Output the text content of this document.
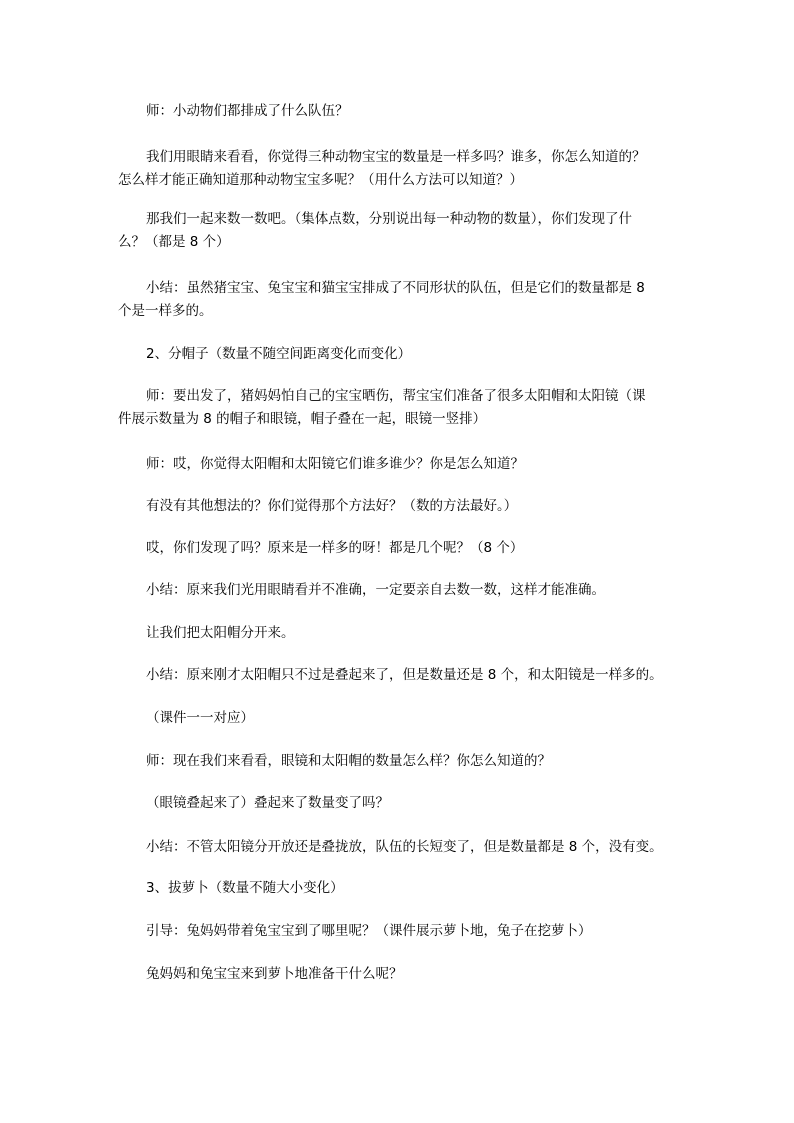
师：小动物们都排成了什么队伍？

我们用眼睛来看看，你觉得三种动物宝宝的数量是一样多吗？谁多，你怎么知道的？
怎么样才能正确知道那种动物宝宝多呢？（用什么方法可以知道？）

那我们一起来数一数吧。（集体点数，分别说出每一种动物的数量），你们发现了什
么？（都是 8 个）

小结：虽然猪宝宝、兔宝宝和猫宝宝排成了不同形状的队伍，但是它们的数量都是 8
个是一样多的。

2、分帽子（数量不随空间距离变化而变化）

师：要出发了，猪妈妈怕自己的宝宝晒伤，帮宝宝们准备了很多太阳帽和太阳镜（课
件展示数量为 8 的帽子和眼镜，帽子叠在一起，眼镜一竖排）

师：哎，你觉得太阳帽和太阳镜它们谁多谁少？你是怎么知道？

有没有其他想法的？你们觉得那个方法好？（数的方法最好。）

哎，你们发现了吗？原来是一样多的呀！都是几个呢？（8 个）

小结：原来我们光用眼睛看并不准确，一定要亲自去数一数，这样才能准确。

让我们把太阳帽分开来。

小结：原来刚才太阳帽只不过是叠起来了，但是数量还是 8 个，和太阳镜是一样多的。

（课件一一对应）

师：现在我们来看看，眼镜和太阳帽的数量怎么样？你怎么知道的？

（眼镜叠起来了）叠起来了数量变了吗？

小结：不管太阳镜分开放还是叠拢放，队伍的长短变了，但是数量都是 8 个，没有变。

3、拔萝卜（数量不随大小变化）

引导：兔妈妈带着兔宝宝到了哪里呢？（课件展示萝卜地，兔子在挖萝卜）

兔妈妈和兔宝宝来到萝卜地准备干什么呢？
